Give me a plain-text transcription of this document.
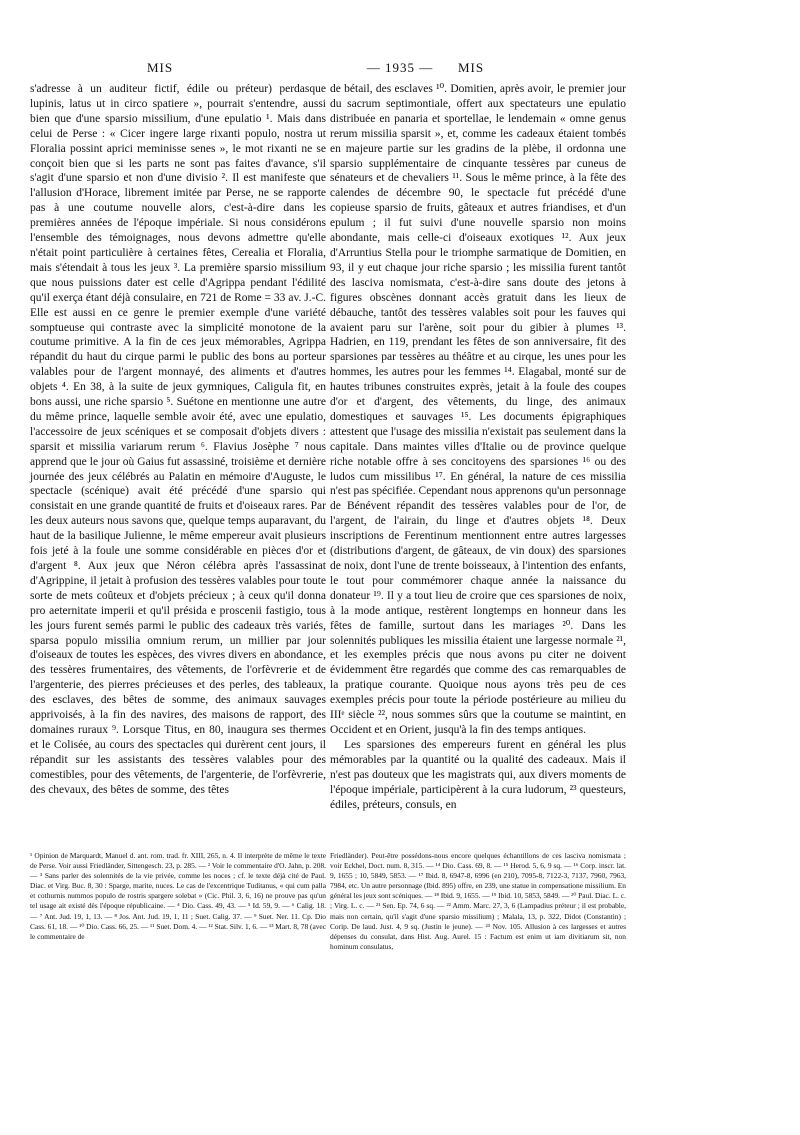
MIS	— 1935 —	MIS

s'adresse à un auditeur fictif, édile ou préteur) perdasque lupinis, latus ut in circo spatiere », pourrait s'entendre, aussi bien que d'une sparsio missilium, d'une epulatio ¹. Mais dans celui de Perse : « Cicer ingere large rixanti populo, nostra ut Floralia possint aprici meminisse senes », le mot rixanti ne se conçoit bien que si les parts ne sont pas faites d'avance, s'il s'agit d'une sparsio et non d'une divisio ². Il est manifeste que l'allusion d'Horace, librement imitée par Perse, ne se rapporte pas à une coutume nouvelle alors, c'est-à-dire dans les premières années de l'époque impériale. Si nous considérons l'ensemble des témoignages, nous devons admettre qu'elle n'était point particulière à certaines fêtes, Cerealia et Floralia, mais s'étendait à tous les jeux ³. La première sparsio missilium que nous puissions dater est celle d'Agrippa pendant l'édilité qu'il exerça étant déjà consulaire, en 721 de Rome = 33 av. J.-C. Elle est aussi en ce genre le premier exemple d'une variété somptueuse qui contraste avec la simplicité monotone de la coutume primitive. A la fin de ces jeux mémorables, Agrippa répandit du haut du cirque parmi le public des bons au porteur valables pour de l'argent monnayé, des aliments et d'autres objets ⁴. En 38, à la suite de jeux gymniques, Caligula fit, en bons aussi, une riche sparsio ⁵. Suétone en mentionne une autre du même prince, laquelle semble avoir été, avec une epulatio, l'accessoire de jeux scéniques et se composait d'objets divers : sparsit et missilia variarum rerum ⁶. Flavius Josèphe ⁷ nous apprend que le jour où Gaius fut assassiné, troisième et dernière journée des jeux célébrés au Palatin en mémoire d'Auguste, le spectacle (scénique) avait été précédé d'une sparsio qui consistait en une grande quantité de fruits et d'oiseaux rares. Par les deux auteurs nous savons que, quelque temps auparavant, du haut de la basilique Julienne, le même empereur avait plusieurs fois jeté à la foule une somme considérable en pièces d'or et d'argent ⁸. Aux jeux que Néron célébra après l'assassinat d'Agrippine, il jetait à profusion des tessères valables pour toute sorte de mets coûteux et d'objets précieux ; à ceux qu'il donna pro aeternitate imperii et qu'il présida e proscenii fastigio, tous les jours furent semés parmi le public des cadeaux très variés, sparsa populo missilia omnium rerum, un millier par jour d'oiseaux de toutes les espèces, des vivres divers en abondance, des tessères frumentaires, des vêtements, de l'orfèvrerie et de l'argenterie, des pierres précieuses et des perles, des tableaux, des esclaves, des bêtes de somme, des animaux sauvages apprivoisés, à la fin des navires, des maisons de rapport, des domaines ruraux ⁹. Lorsque Titus, en 80, inaugura ses thermes et le Colisée, au cours des spectacles qui durèrent cent jours, il répandit sur les assistants des tessères valables pour des comestibles, pour des vêtements, de l'argenterie, de l'orfèvrerie, des chevaux, des bêtes de somme, des têtes

de bétail, des esclaves ¹⁰. Domitien, après avoir, le premier jour du sacrum septimontiale, offert aux spectateurs une epulatio distribuée en panaria et sportellae, le lendemain « omne genus rerum missilia sparsit », et, comme les cadeaux étaient tombés en majeure partie sur les gradins de la plèbe, il ordonna une sparsio supplémentaire de cinquante tessères par cuneus de sénateurs et de chevaliers ¹¹. Sous le même prince, à la fête des calendes de décembre 90, le spectacle fut précédé d'une copieuse sparsio de fruits, gâteaux et autres friandises, et d'un epulum ; il fut suivi d'une nouvelle sparsio non moins abondante, mais celle-ci d'oiseaux exotiques ¹². Aux jeux d'Arruntius Stella pour le triomphe sarmatique de Domitien, en 93, il y eut chaque jour riche sparsio ; les missilia furent tantôt des lasciva nomismata, c'est-à-dire sans doute des jetons à figures obscènes donnant accès gratuit dans les lieux de débauche, tantôt des tessères valables soit pour les fauves qui avaient paru sur l'arène, soit pour du gibier à plumes ¹³. Hadrien, en 119, prendant les fêtes de son anniversaire, fit des sparsiones par tessères au théâtre et au cirque, les unes pour les hommes, les autres pour les femmes ¹⁴. Elagabal, monté sur de hautes tribunes construites exprès, jetait à la foule des coupes d'or et d'argent, des vêtements, du linge, des animaux domestiques et sauvages ¹⁵. Les documents épigraphiques attestent que l'usage des missilia n'existait pas seulement dans la capitale. Dans maintes villes d'Italie ou de province quelque riche notable offre à ses concitoyens des sparsiones ¹⁶ ou des ludos cum missilibus ¹⁷. En général, la nature de ces missilia n'est pas spécifiée. Cependant nous apprenons qu'un personnage de Bénévent répandit des tessères valables pour de l'or, de l'argent, de l'airain, du linge et d'autres objets ¹⁸. Deux inscriptions de Ferentinum mentionnent entre autres largesses (distributions d'argent, de gâteaux, de vin doux) des sparsiones de noix, dont l'une de trente boisseaux, à l'intention des enfants, le tout pour commémorer chaque année la naissance du donateur ¹⁹. Il y a tout lieu de croire que ces sparsiones de noix, à la mode antique, restèrent longtemps en honneur dans les fêtes de famille, surtout dans les mariages ²⁰. Dans les solennités publiques les missilia étaient une largesse normale ²¹, et les exemples précis que nous avons pu citer ne doivent évidemment être regardés que comme des cas remarquables de la pratique courante. Quoique nous ayons très peu de ces exemples précis pour toute la période postérieure au milieu du IIIᵉ siècle ²², nous sommes sûrs que la coutume se maintint, en Occident et en Orient, jusqu'à la fin des temps antiques.

Les sparsiones des empereurs furent en général les plus mémorables par la quantité ou la qualité des cadeaux. Mais il n'est pas douteux que les magistrats qui, aux divers moments de l'époque impériale, participèrent à la cura ludorum, ²³ questeurs, édiles, préteurs, consuls, en

¹ Opinion de Marquardt, Manuel d. ant. rom. trad. fr. XIII, 265, n. 4. Il interprète de même le texte de Perse. Voir aussi Friedländer, Sittengesch. 23, p. 285. — ² Voir le commentaire d'O. Jahn, p. 208. — ³ Sans parler des solennités de la vie privée, comme les noces ; cf. le texte déjà cité de Paul. Diac. et Virg. Buc. 8, 30 : Sparge, marite, nuces. Le cas de l'excentrique Tuditanus, « qui cum palla et cothurnis nummos populo de rostris spargere solebat » (Cic. Phil. 3, 6, 16) ne prouve pas qu'un tel usage ait existé dès l'époque républicaine. — ⁴ Dio. Cass. 49, 43. — ⁵ Id. 59, 9. — ⁶ Calig. 18. — ⁷ Ant. Jud. 19, 1, 13. — ⁸ Jos. Ant. Jud. 19, 1, 11 ; Suet. Calig. 37. — ⁹ Suet. Ner. 11. Cp. Dio Cass. 61, 18. — ¹⁰ Dio. Cass. 66, 25. — ¹¹ Suet. Dom. 4. — ¹² Stat. Silv. 1, 6. — ¹³ Mart. 8, 78 (avec le commentaire de

Friedländer). Peut-être possédons-nous encore quelques échantillons de ces lasciva nomismata ; voir Eckhel, Doct. num. 8, 315. — ¹⁴ Dio. Cass. 69, 8. — ¹⁵ Herod. 5, 6, 9 sq. — ¹⁶ Corp. inscr. lat. 9, 1655 ; 10, 5849, 5853. — ¹⁷ Ibid. 8, 6947-8, 6996 (en 210), 7095-8, 7122-3, 7137, 7960, 7963, 7984, etc. Un autre personnage (Ibid. 895) offre, en 239, une statue in compensatione missilium. En général les jeux sont scéniques. — ¹⁸ Ibid. 9, 1655. — ¹⁹ Ibid. 10, 5853, 5849. — ²⁰ Paul. Diac. L. c. ; Virg. L. c. — ²¹ Sen. Ep. 74, 6 sq. — ²² Amm. Marc. 27, 3, 6 (Lampadius préteur ; il est probable, mais non certain, qu'il s'agit d'une sparsio missilium) ; Malala, 13, p. 322, Didot (Constantin) ; Corip. De laud. Just. 4, 9 sq. (Justin le jeune). — ²³ Nov. 105. Allusion à ces largesses et autres dépenses du consulat, dans Hist. Aug. Aurel. 15 : Factum est enim ut iam divitiarum sit, non hominum consulatus,
